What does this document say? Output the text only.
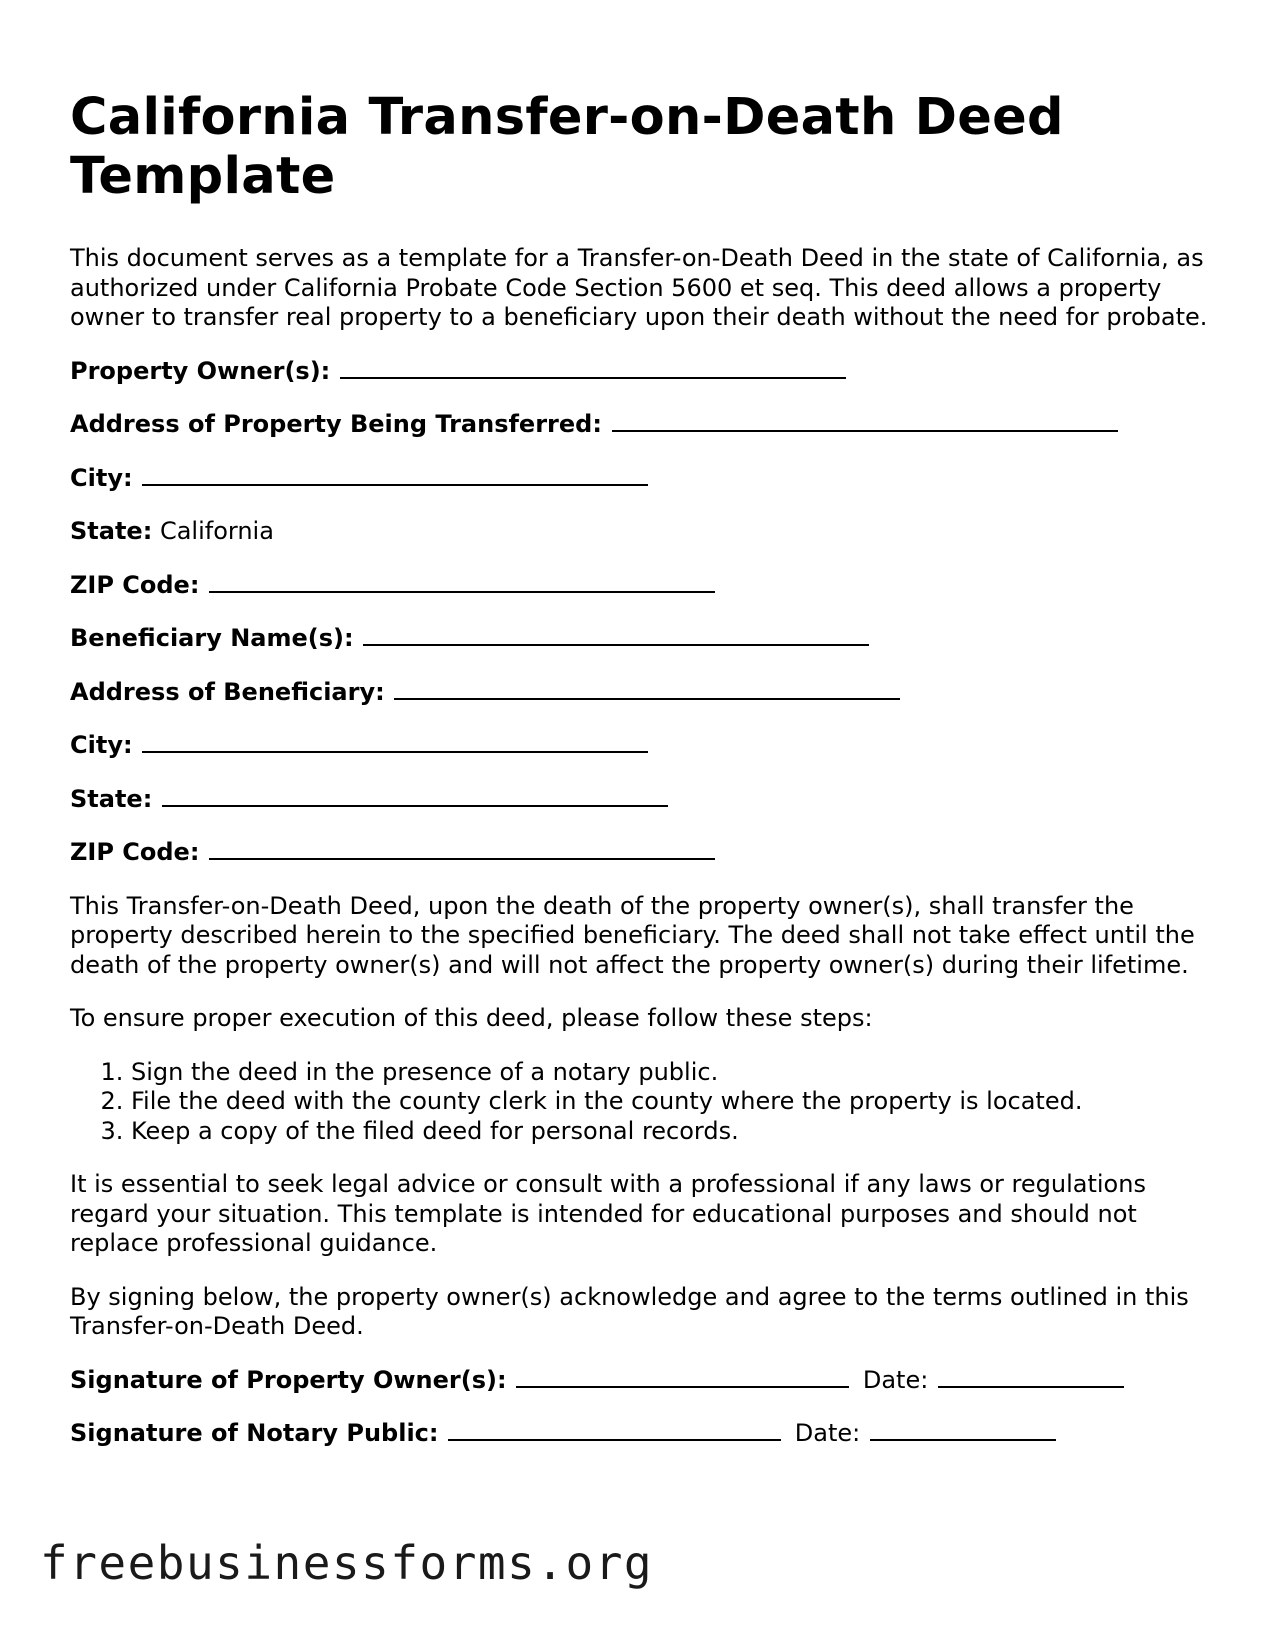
California Transfer-on-Death Deed Template

This document serves as a template for a Transfer-on-Death Deed in the state of California, as authorized under California Probate Code Section 5600 et seq. This deed allows a property owner to transfer real property to a beneficiary upon their death without the need for probate.

Property Owner(s):
Address of Property Being Transferred:
City:
State: California
ZIP Code:
Beneficiary Name(s):
Address of Beneficiary:
City:
State:
ZIP Code:

This Transfer-on-Death Deed, upon the death of the property owner(s), shall transfer the property described herein to the specified beneficiary. The deed shall not take effect until the death of the property owner(s) and will not affect the property owner(s) during their lifetime.

To ensure proper execution of this deed, please follow these steps:

1. Sign the deed in the presence of a notary public.
2. File the deed with the county clerk in the county where the property is located.
3. Keep a copy of the filed deed for personal records.

It is essential to seek legal advice or consult with a professional if any laws or regulations regard your situation. This template is intended for educational purposes and should not replace professional guidance.

By signing below, the property owner(s) acknowledge and agree to the terms outlined in this Transfer-on-Death Deed.

Signature of Property Owner(s):	Date:
Signature of Notary Public:	Date:
freebusinessforms.org
